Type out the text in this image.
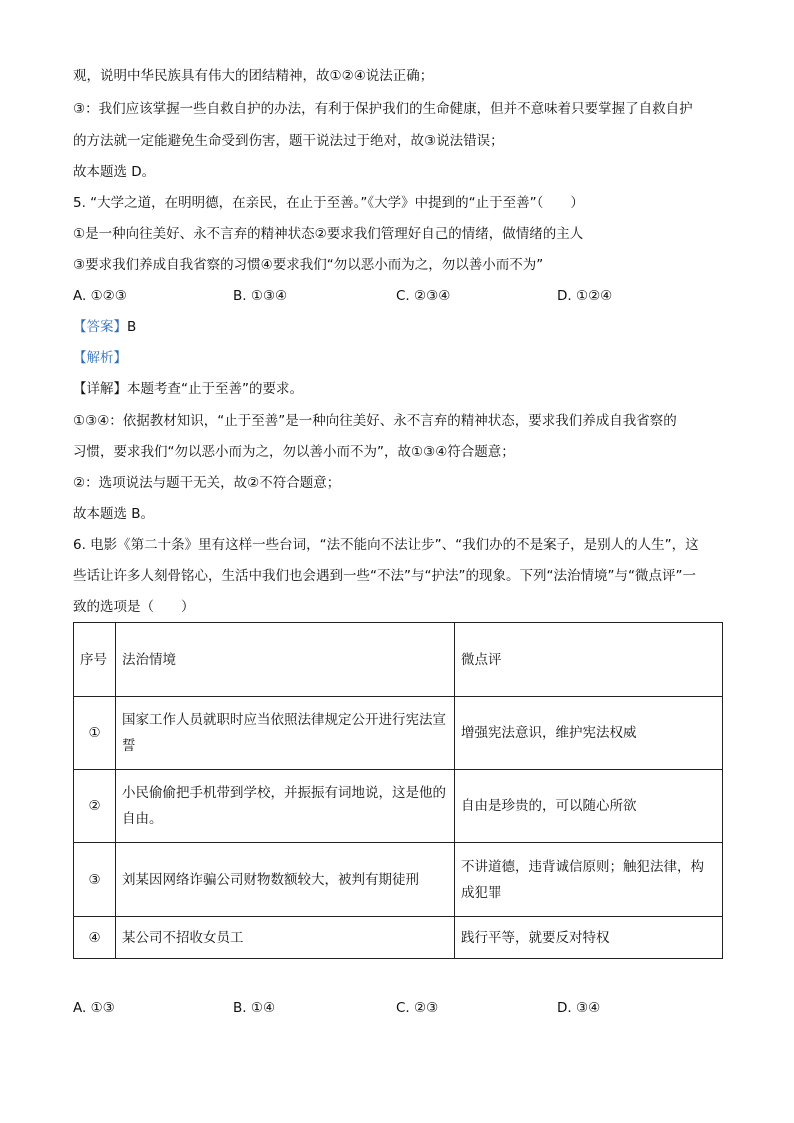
观，说明中华民族具有伟大的团结精神，故①②④说法正确；
③：我们应该掌握一些自救自护的办法，有利于保护我们的生命健康，但并不意味着只要掌握了自救自护
的方法就一定能避免生命受到伤害，题干说法过于绝对，故③说法错误；
故本题选 D。
5. “大学之道，在明明德，在亲民，在止于至善。”《大学》中提到的“止于至善”（　　）
①是一种向往美好、永不言弃的精神状态②要求我们管理好自己的情绪，做情绪的主人
③要求我们养成自我省察的习惯④要求我们“勿以恶小而为之，勿以善小而不为”
A. ①②③	B. ①③④	C. ②③④	D. ①②④
【答案】B
【解析】
【详解】本题考查“止于至善”的要求。
①③④：依据教材知识，“止于至善”是一种向往美好、永不言弃的精神状态，要求我们养成自我省察的
习惯，要求我们“勿以恶小而为之，勿以善小而不为”，故①③④符合题意；
②：选项说法与题干无关，故②不符合题意；
故本题选 B。
6. 电影《第二十条》里有这样一些台词，“法不能向不法让步”、“我们办的不是案子，是别人的人生”，这
些话让许多人刻骨铭心，生活中我们也会遇到一些“不法”与“护法”的现象。下列“法治情境”与“微点评”一
致的选项是（　　）
序号	法治情境	微点评
①	国家工作人员就职时应当依照法律规定公开进行宪法宣誓	增强宪法意识，维护宪法权威
②	小民偷偷把手机带到学校，并振振有词地说，这是他的自由。	自由是珍贵的，可以随心所欲
③	刘某因网络诈骗公司财物数额较大，被判有期徒刑	不讲道德，违背诚信原则；触犯法律，构成犯罪
④	某公司不招收女员工	践行平等，就要反对特权
A. ①③	B. ①④	C. ②③	D. ③④
